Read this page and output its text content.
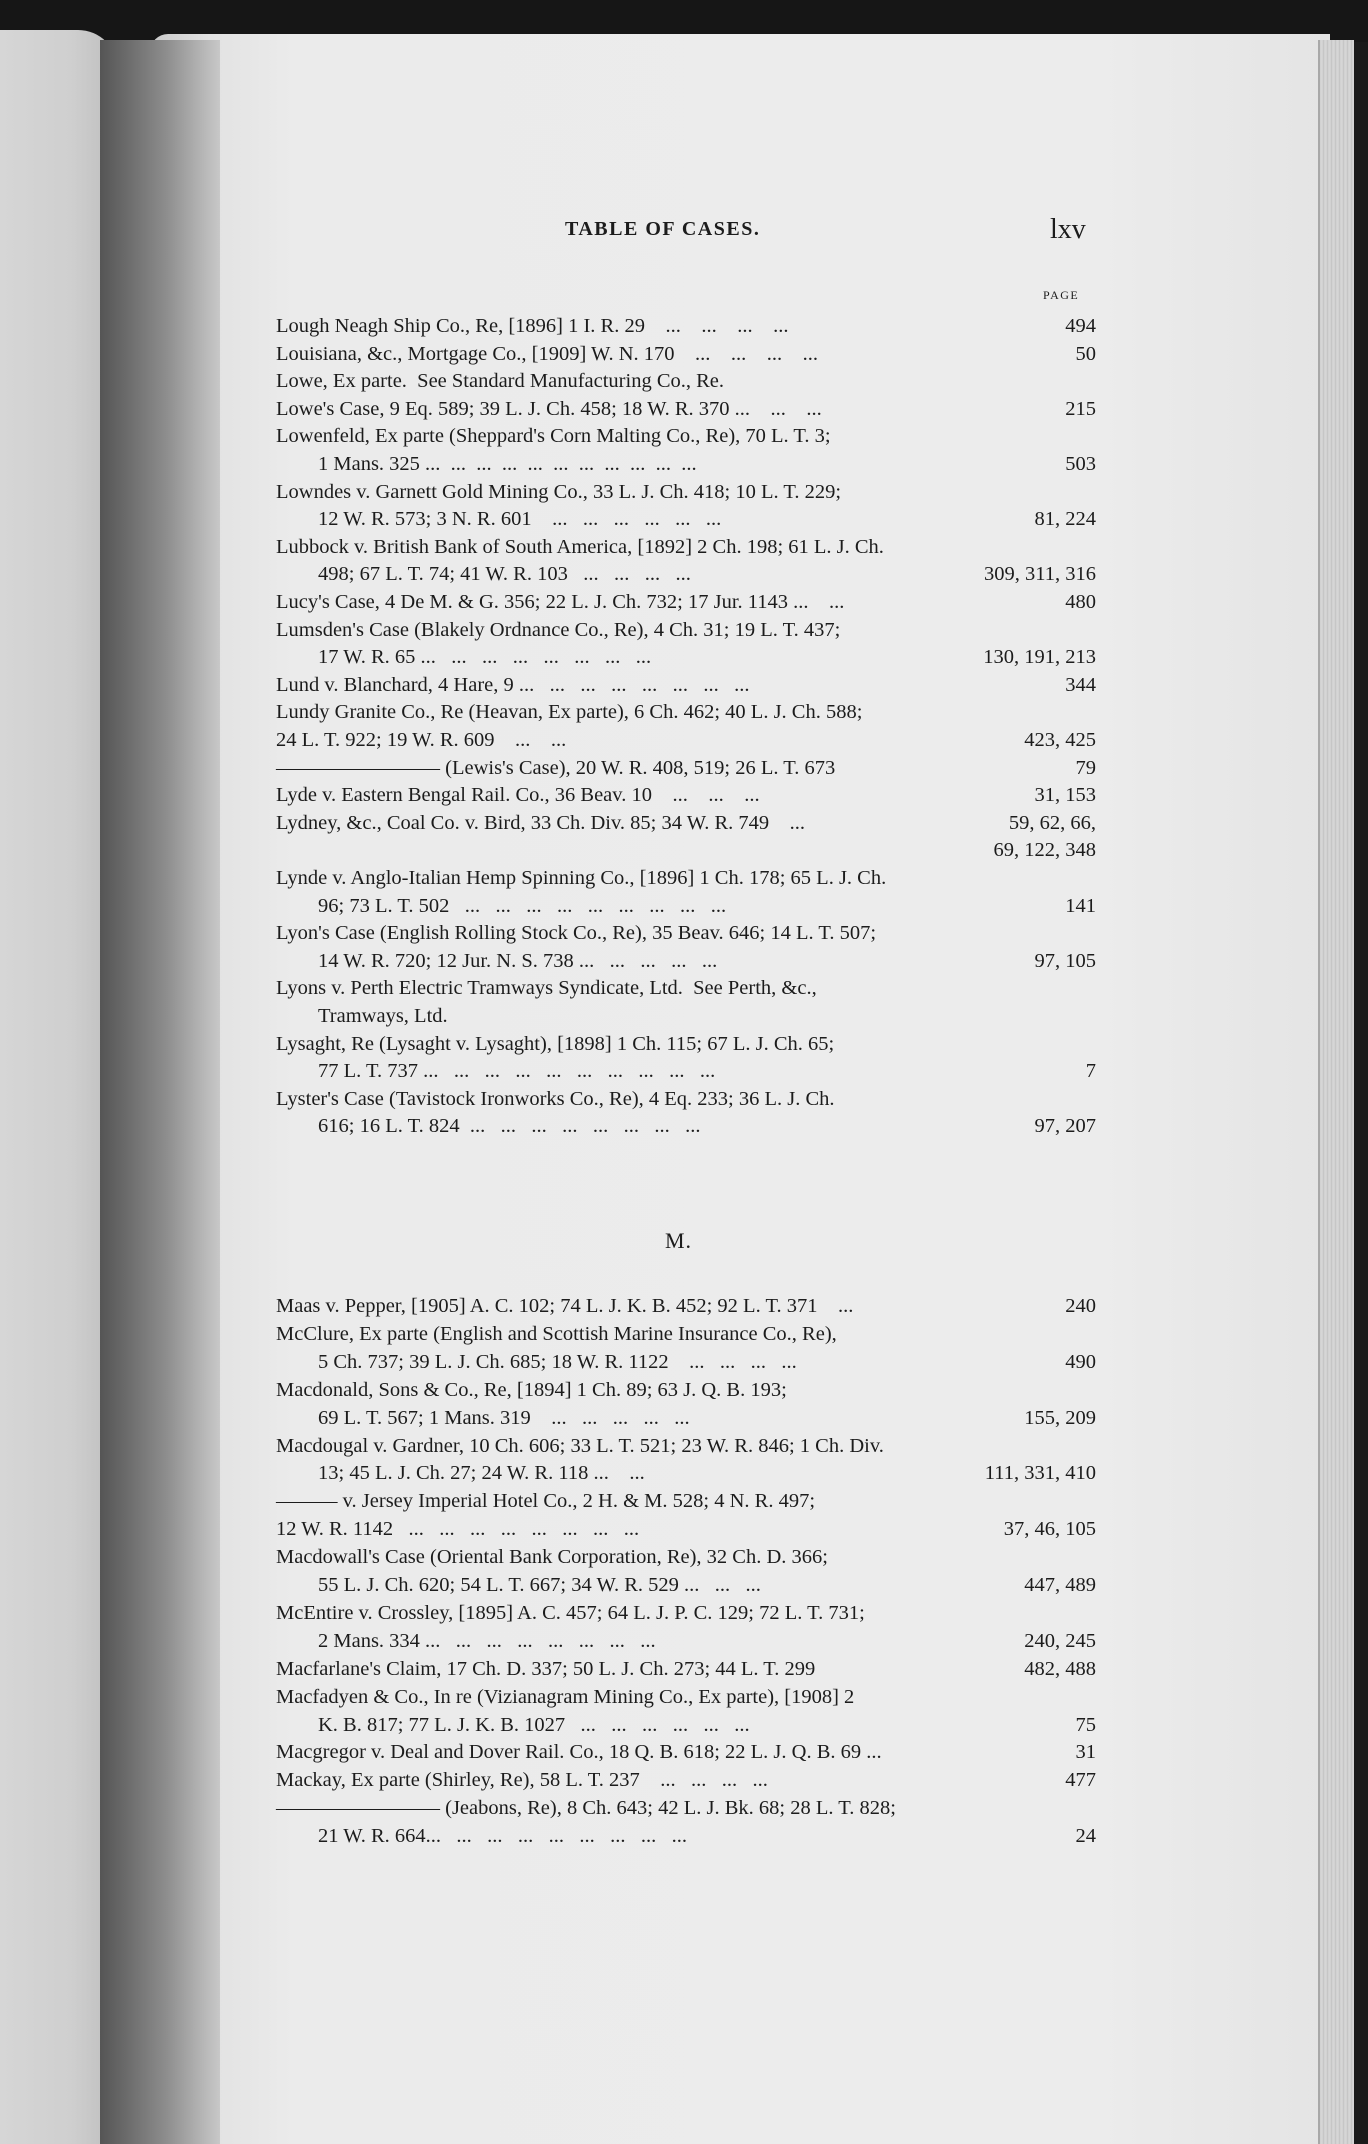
TABLE OF CASES.	lxv
PAGE
Lough Neagh Ship Co., Re, [1896] 1 I. R. 29    ...    ...    ...    ...	494
Louisiana, &c., Mortgage Co., [1909] W. N. 170    ...    ...    ...    ...	50
Lowe, Ex parte.  See Standard Manufacturing Co., Re.
Lowe's Case, 9 Eq. 589; 39 L. J. Ch. 458; 18 W. R. 370 ...    ...    ...	215
Lowenfeld, Ex parte (Sheppard's Corn Malting Co., Re), 70 L. T. 3;
1 Mans. 325 ...  ...  ...  ...  ...  ...  ...  ...  ...  ...  ...	503
Lowndes v. Garnett Gold Mining Co., 33 L. J. Ch. 418; 10 L. T. 229;
12 W. R. 573; 3 N. R. 601    ...   ...   ...   ...   ...   ...	81, 224
Lubbock v. British Bank of South America, [1892] 2 Ch. 198; 61 L. J. Ch.
498; 67 L. T. 74; 41 W. R. 103   ...   ...   ...   ...	309, 311, 316
Lucy's Case, 4 De M. & G. 356; 22 L. J. Ch. 732; 17 Jur. 1143 ...    ...	480
Lumsden's Case (Blakely Ordnance Co., Re), 4 Ch. 31; 19 L. T. 437;
17 W. R. 65 ...   ...   ...   ...   ...   ...   ...   ...	130, 191, 213
Lund v. Blanchard, 4 Hare, 9 ...   ...   ...   ...   ...   ...   ...   ...	344
Lundy Granite Co., Re (Heavan, Ex parte), 6 Ch. 462; 40 L. J. Ch. 588;
24 L. T. 922; 19 W. R. 609    ...    ...	423, 425
———————— (Lewis's Case), 20 W. R. 408, 519; 26 L. T. 673	79
Lyde v. Eastern Bengal Rail. Co., 36 Beav. 10    ...    ...    ...	31, 153
Lydney, &c., Coal Co. v. Bird, 33 Ch. Div. 85; 34 W. R. 749    ...	59, 62, 66,
69, 122, 348
Lynde v. Anglo-Italian Hemp Spinning Co., [1896] 1 Ch. 178; 65 L. J. Ch.
96; 73 L. T. 502   ...   ...   ...   ...   ...   ...   ...   ...   ...	141
Lyon's Case (English Rolling Stock Co., Re), 35 Beav. 646; 14 L. T. 507;
14 W. R. 720; 12 Jur. N. S. 738 ...   ...   ...   ...   ...	97, 105
Lyons v. Perth Electric Tramways Syndicate, Ltd.  See Perth, &c.,
Tramways, Ltd.
Lysaght, Re (Lysaght v. Lysaght), [1898] 1 Ch. 115; 67 L. J. Ch. 65;
77 L. T. 737 ...   ...   ...   ...   ...   ...   ...   ...   ...   ...	7
Lyster's Case (Tavistock Ironworks Co., Re), 4 Eq. 233; 36 L. J. Ch.
616; 16 L. T. 824  ...   ...   ...   ...   ...   ...   ...   ...	97, 207
M.
Maas v. Pepper, [1905] A. C. 102; 74 L. J. K. B. 452; 92 L. T. 371    ...	240
McClure, Ex parte (English and Scottish Marine Insurance Co., Re),
5 Ch. 737; 39 L. J. Ch. 685; 18 W. R. 1122    ...   ...   ...   ...	490
Macdonald, Sons & Co., Re, [1894] 1 Ch. 89; 63 J. Q. B. 193;
69 L. T. 567; 1 Mans. 319    ...   ...   ...   ...   ...	155, 209
Macdougal v. Gardner, 10 Ch. 606; 33 L. T. 521; 23 W. R. 846; 1 Ch. Div.
13; 45 L. J. Ch. 27; 24 W. R. 118 ...    ...	111, 331, 410
——— v. Jersey Imperial Hotel Co., 2 H. & M. 528; 4 N. R. 497;
12 W. R. 1142   ...   ...   ...   ...   ...   ...   ...   ...	37, 46, 105
Macdowall's Case (Oriental Bank Corporation, Re), 32 Ch. D. 366;
55 L. J. Ch. 620; 54 L. T. 667; 34 W. R. 529 ...   ...   ...	447, 489
McEntire v. Crossley, [1895] A. C. 457; 64 L. J. P. C. 129; 72 L. T. 731;
2 Mans. 334 ...   ...   ...   ...   ...   ...   ...   ...	240, 245
Macfarlane's Claim, 17 Ch. D. 337; 50 L. J. Ch. 273; 44 L. T. 299	482, 488
Macfadyen & Co., In re (Vizianagram Mining Co., Ex parte), [1908] 2
K. B. 817; 77 L. J. K. B. 1027   ...   ...   ...   ...   ...   ...	75
Macgregor v. Deal and Dover Rail. Co., 18 Q. B. 618; 22 L. J. Q. B. 69 ...	31
Mackay, Ex parte (Shirley, Re), 58 L. T. 237    ...   ...   ...   ...	477
———————— (Jeabons, Re), 8 Ch. 643; 42 L. J. Bk. 68; 28 L. T. 828;
21 W. R. 664...   ...   ...   ...   ...   ...   ...   ...   ...	24
